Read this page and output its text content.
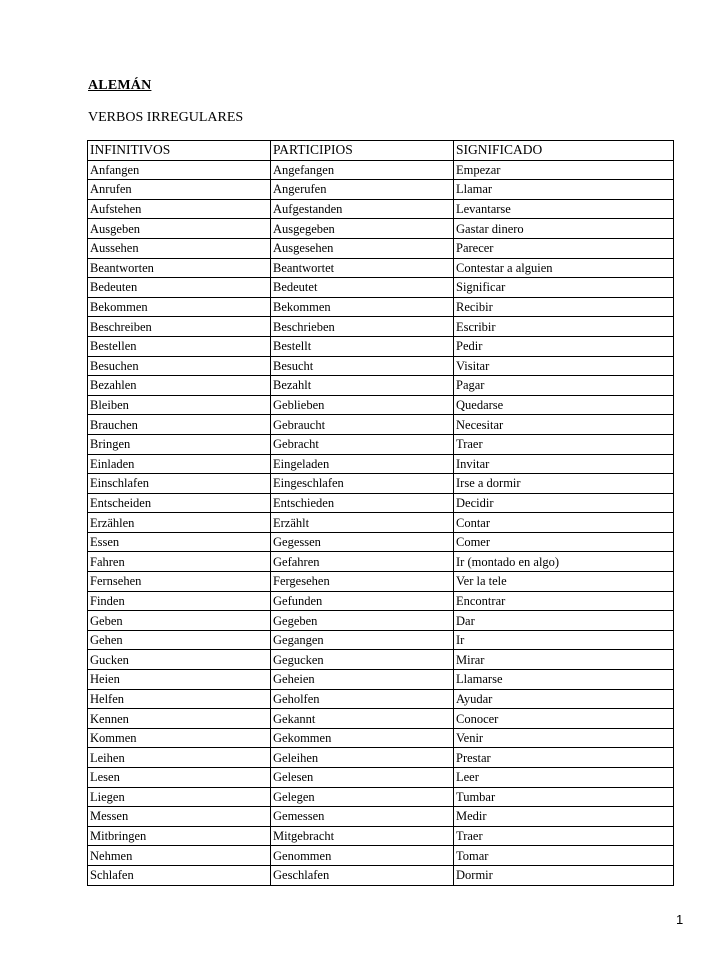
ALEMÁN
VERBOS IRREGULARES
INFINITIVOS	PARTICIPIOS	SIGNIFICADO
Anfangen	Angefangen	Empezar
Anrufen	Angerufen	Llamar
Aufstehen	Aufgestanden	Levantarse
Ausgeben	Ausgegeben	Gastar dinero
Aussehen	Ausgesehen	Parecer
Beantworten	Beantwortet	Contestar a alguien
Bedeuten	Bedeutet	Significar
Bekommen	Bekommen	Recibir
Beschreiben	Beschrieben	Escribir
Bestellen	Bestellt	Pedir
Besuchen	Besucht	Visitar
Bezahlen	Bezahlt	Pagar
Bleiben	Geblieben	Quedarse
Brauchen	Gebraucht	Necesitar
Bringen	Gebracht	Traer
Einladen	Eingeladen	Invitar
Einschlafen	Eingeschlafen	Irse a dormir
Entscheiden	Entschieden	Decidir
Erzählen	Erzählt	Contar
Essen	Gegessen	Comer
Fahren	Gefahren	Ir (montado en algo)
Fernsehen	Fergesehen	Ver la tele
Finden	Gefunden	Encontrar
Geben	Gegeben	Dar
Gehen	Gegangen	Ir
Gucken	Gegucken	Mirar
Heien	Geheien	Llamarse
Helfen	Geholfen	Ayudar
Kennen	Gekannt	Conocer
Kommen	Gekommen	Venir
Leihen	Geleihen	Prestar
Lesen	Gelesen	Leer
Liegen	Gelegen	Tumbar
Messen	Gemessen	Medir
Mitbringen	Mitgebracht	Traer
Nehmen	Genommen	Tomar
Schlafen	Geschlafen	Dormir
1
